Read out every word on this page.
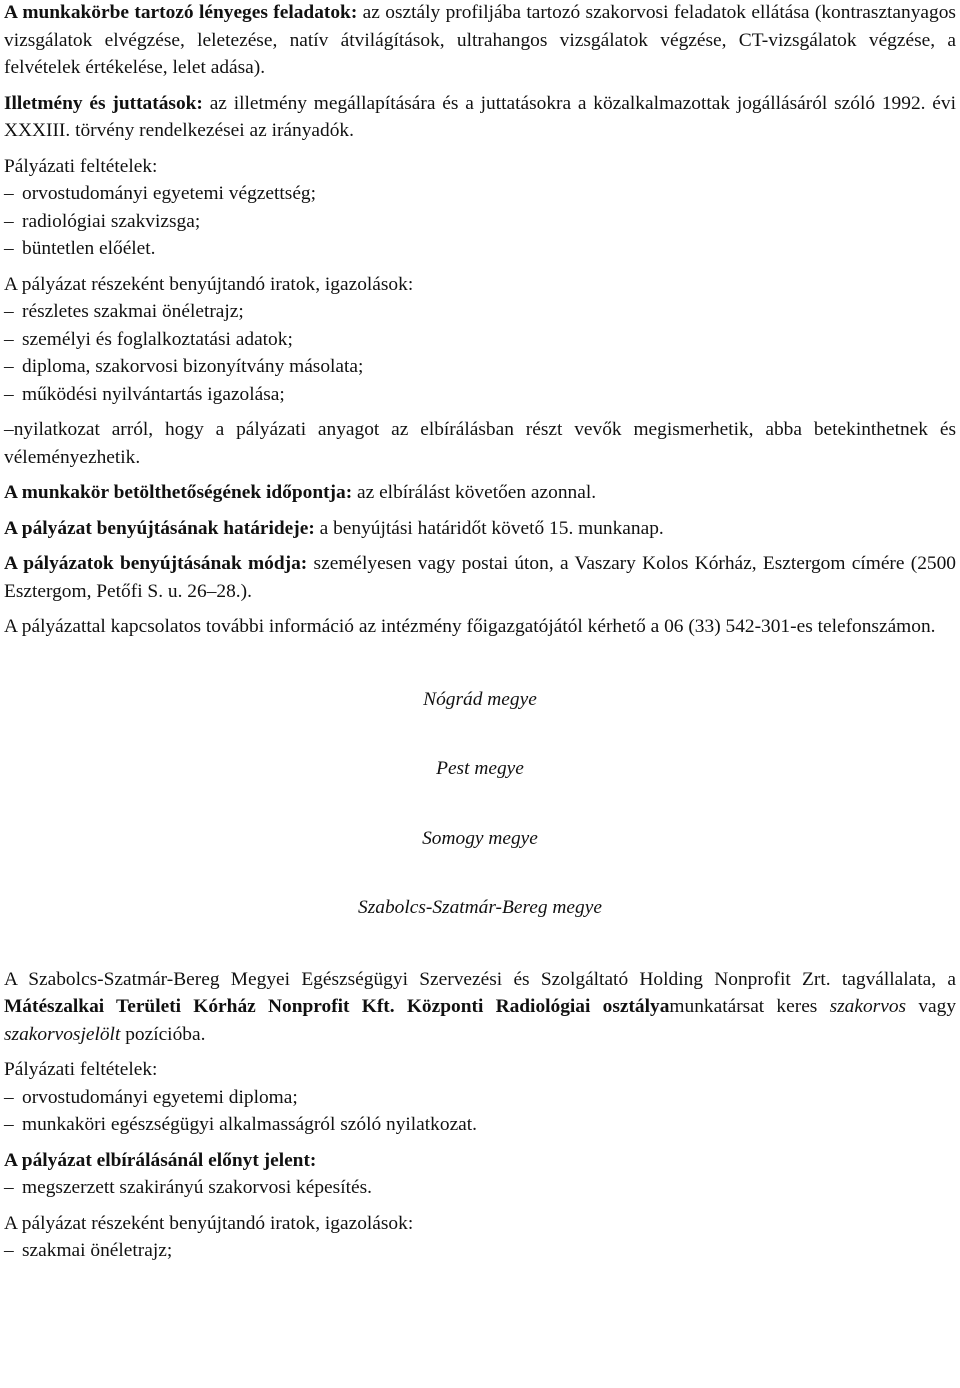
A munkakörbe tartozó lényeges feladatok: az osztály profiljába tartozó szakorvosi feladatok ellátása (kontrasztanyagos vizsgálatok elvégzése, leletezése, natív átvilágítások, ultrahangos vizsgálatok végzése, CT-vizsgálatok végzése, a felvételek értékelése, lelet adása).

Illetmény és juttatások: az illetmény megállapítására és a juttatásokra a közalkalmazottak jogállásáról szóló 1992. évi XXXIII. törvény rendelkezései az irányadók.

Pályázati feltételek:

– orvostudományi egyetemi végzettség;

– radiológiai szakvizsga;

– büntetlen előélet.

A pályázat részeként benyújtandó iratok, igazolások:

– részletes szakmai önéletrajz;

– személyi és foglalkoztatási adatok;

– diploma, szakorvosi bizonyítvány másolata;

– működési nyilvántartás igazolása;

–nyilatkozat arról, hogy a pályázati anyagot az elbírálásban részt vevők megismerhetik, abba betekinthetnek és véleményezhetik.

A munkakör betölthetőségének időpontja: az elbírálást követően azonnal.

A pályázat benyújtásának határideje: a benyújtási határidőt követő 15. munkanap.

A pályázatok benyújtásának módja: személyesen vagy postai úton, a Vaszary Kolos Kórház, Esztergom címére (2500 Esztergom, Petőfi S. u. 26–28.).

A pályázattal kapcsolatos további információ az intézmény főigazgatójától kérhető a 06 (33) 542-301-es telefonszámon.

Nógrád megye

Pest megye

Somogy megye

Szabolcs-Szatmár-Bereg megye

A Szabolcs-Szatmár-Bereg Megyei Egészségügyi Szervezési és Szolgáltató Holding Nonprofit Zrt. tagvállalata, a Mátészalkai Területi Kórház Nonprofit Kft. Központi Radiológiai osztályamunkatársat keres szakorvos vagy szakorvosjelölt pozícióba.

Pályázati feltételek:

– orvostudományi egyetemi diploma;

– munkaköri egészségügyi alkalmasságról szóló nyilatkozat.

A pályázat elbírálásánál előnyt jelent:

– megszerzett szakirányú szakorvosi képesítés.

A pályázat részeként benyújtandó iratok, igazolások:

– szakmai önéletrajz;
